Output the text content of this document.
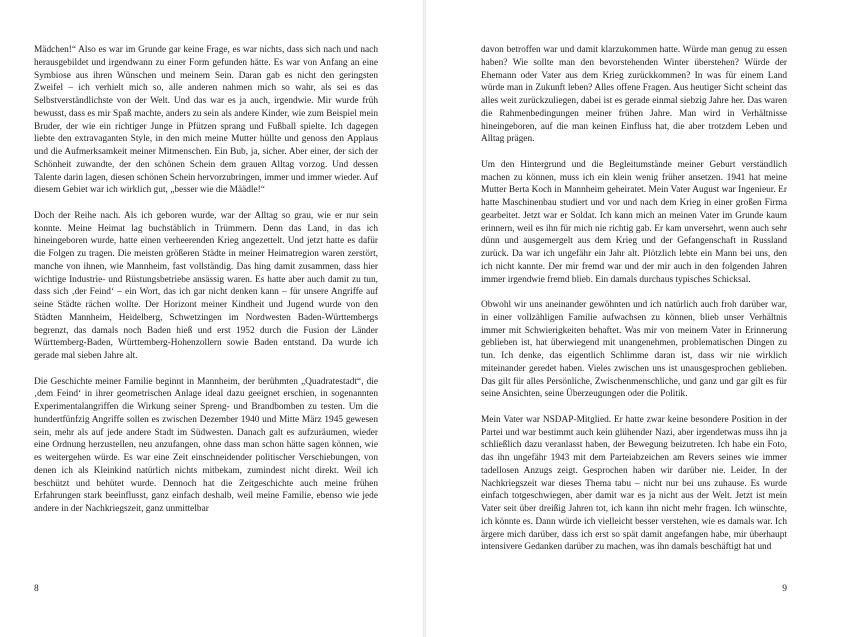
Mädchen!“ Also es war im Grunde gar keine Frage, es war nichts, dass sich nach und nach herausgebildet und irgendwann zu einer Form gefunden hätte. Es war von Anfang an eine Symbiose aus ihren Wünschen und meinem Sein. Daran gab es nicht den geringsten Zweifel – ich verhielt mich so, alle anderen nahmen mich so wahr, als sei es das Selbstverständlichste von der Welt. Und das war es ja auch, irgendwie. Mir wurde früh bewusst, dass es mir Spaß machte, anders zu sein als andere Kinder, wie zum Beispiel mein Bruder, der wie ein richtiger Junge in Pfützen sprang und Fußball spielte. Ich dagegen liebte den extravaganten Style, in den mich meine Mutter hüllte und genoss den Applaus und die Aufmerksamkeit meiner Mitmenschen. Ein Bub, ja, sicher. Aber einer, der sich der Schönheit zuwandte, der den schönen Schein dem grauen Alltag vorzog. Und dessen Talente darin lagen, diesen schönen Schein hervorzubringen, immer und immer wieder. Auf diesem Gebiet war ich wirklich gut, „besser wie die Määdle!“

Doch der Reihe nach. Als ich geboren wurde, war der Alltag so grau, wie er nur sein konnte. Meine Heimat lag buchstäblich in Trümmern. Denn das Land, in das ich hineingeboren wurde, hatte einen verheerenden Krieg angezettelt. Und jetzt hatte es dafür die Folgen zu tragen. Die meisten größeren Städte in meiner Heimatregion waren zerstört, manche von ihnen, wie Mannheim, fast vollständig. Das hing damit zusammen, dass hier wichtige Industrie- und Rüstungsbetriebe ansässig waren. Es hatte aber auch damit zu tun, dass sich ‚der Feind‘ – ein Wort, das ich gar nicht denken kann – für unsere Angriffe auf seine Städte rächen wollte. Der Horizont meiner Kindheit und Jugend wurde von den Städten Mannheim, Heidelberg, Schwetzingen im Nordwesten Baden-Württembergs begrenzt, das damals noch Baden hieß und erst 1952 durch die Fusion der Länder Württemberg-Baden, Württemberg-Hohenzollern sowie Baden entstand. Da wurde ich gerade mal sieben Jahre alt.

Die Geschichte meiner Familie beginnt in Mannheim, der berühmten „Quadratestadt“, die ‚dem Feind‘ in ihrer geometrischen Anlage ideal dazu geeignet erschien, in sogenannten Experimentalangriffen die Wirkung seiner Spreng- und Brandbomben zu testen. Um die hundertfünfzig Angriffe sollen es zwischen Dezember 1940 und Mitte März 1945 gewesen sein, mehr als auf jede andere Stadt im Südwesten. Danach galt es aufzuräumen, wieder eine Ordnung herzustellen, neu anzufangen, ohne dass man schon hätte sagen können, wie es weitergehen würde. Es war eine Zeit einschneidender politischer Verschiebungen, von denen ich als Kleinkind natürlich nichts mitbekam, zumindest nicht direkt. Weil ich beschützt und behütet wurde. Dennoch hat die Zeitgeschichte auch meine frühen Erfahrungen stark beeinflusst, ganz einfach deshalb, weil meine Familie, ebenso wie jede andere in der Nachkriegszeit, ganz unmittelbar

8

davon betroffen war und damit klarzukommen hatte. Würde man genug zu essen haben? Wie sollte man den bevorstehenden Winter überstehen? Würde der Ehemann oder Vater aus dem Krieg zurückkommen? In was für einem Land würde man in Zukunft leben? Alles offene Fragen. Aus heutiger Sicht scheint das alles weit zurückzuliegen, dabei ist es gerade einmal siebzig Jahre her. Das waren die Rahmenbedingungen meiner frühen Jahre. Man wird in Verhältnisse hineingeboren, auf die man keinen Einfluss hat, die aber trotzdem Leben und Alltag prägen.

Um den Hintergrund und die Begleitumstände meiner Geburt verständlich machen zu können, muss ich ein klein wenig früher ansetzen. 1941 hat meine Mutter Berta Koch in Mannheim geheiratet. Mein Vater August war Ingenieur. Er hatte Maschinenbau studiert und vor und nach dem Krieg in einer großen Firma gearbeitet. Jetzt war er Soldat. Ich kann mich an meinen Vater im Grunde kaum erinnern, weil es ihn für mich nie richtig gab. Er kam unversehrt, wenn auch sehr dünn und ausgemergelt aus dem Krieg und der Gefangenschaft in Russland zurück. Da war ich ungefähr ein Jahr alt. Plötzlich lebte ein Mann bei uns, den ich nicht kannte. Der mir fremd war und der mir auch in den folgenden Jahren immer irgendwie fremd blieb. Ein damals durchaus typisches Schicksal.

Obwohl wir uns aneinander gewöhnten und ich natürlich auch froh darüber war, in einer vollzähligen Familie aufwachsen zu können, blieb unser Verhältnis immer mit Schwierigkeiten behaftet. Was mir von meinem Vater in Erinnerung geblieben ist, hat überwiegend mit unangenehmen, problematischen Dingen zu tun. Ich denke, das eigentlich Schlimme daran ist, dass wir nie wirklich miteinander geredet haben. Vieles zwischen uns ist unausgesprochen geblieben. Das gilt für alles Persönliche, Zwischenmenschliche, und ganz und gar gilt es für seine Ansichten, seine Überzeugungen oder die Politik.

Mein Vater war NSDAP-Mitglied. Er hatte zwar keine besondere Position in der Partei und war bestimmt auch kein glühender Nazi, aber irgendetwas muss ihn ja schließlich dazu veranlasst haben, der Bewegung beizutreten. Ich habe ein Foto, das ihn ungefähr 1943 mit dem Parteiabzeichen am Revers seines wie immer tadellosen Anzugs zeigt. Gesprochen haben wir darüber nie. Leider. In der Nachkriegszeit war dieses Thema tabu – nicht nur bei uns zuhause. Es wurde einfach totgeschwiegen, aber damit war es ja nicht aus der Welt. Jetzt ist mein Vater seit über dreißig Jahren tot, ich kann ihn nicht mehr fragen. Ich wünschte, ich könnte es. Dann würde ich vielleicht besser verstehen, wie es damals war. Ich ärgere mich darüber, dass ich erst so spät damit angefangen habe, mir überhaupt intensivere Gedanken darüber zu machen, was ihn damals beschäftigt hat und

9
